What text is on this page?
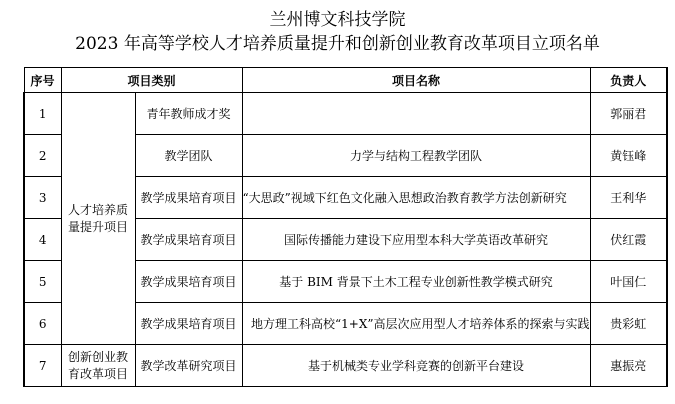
兰州博文科技学院
2023 年高等学校人才培养质量提升和创新创业教育改革项目立项名单
序号	项目类别		项目名称	负责人
1	人才培养质量提升项目	青年教师成才奖		郭丽君
2		教学团队	力学与结构工程教学团队	黄钰峰
3		教学成果培育项目	“大思政”视域下红色文化融入思想政治教育教学方法创新研究	王利华
4		教学成果培育项目	国际传播能力建设下应用型本科大学英语改革研究	伏红霞
5		教学成果培育项目	基于 BIM 背景下土木工程专业创新性教学模式研究	叶国仁
6		教学成果培育项目	地方理工科高校“1+X”高层次应用型人才培养体系的探索与实践	贵彩虹
7	创新创业教育改革项目	教学改革研究项目	基于机械类专业学科竞赛的创新平台建设	惠振亮
